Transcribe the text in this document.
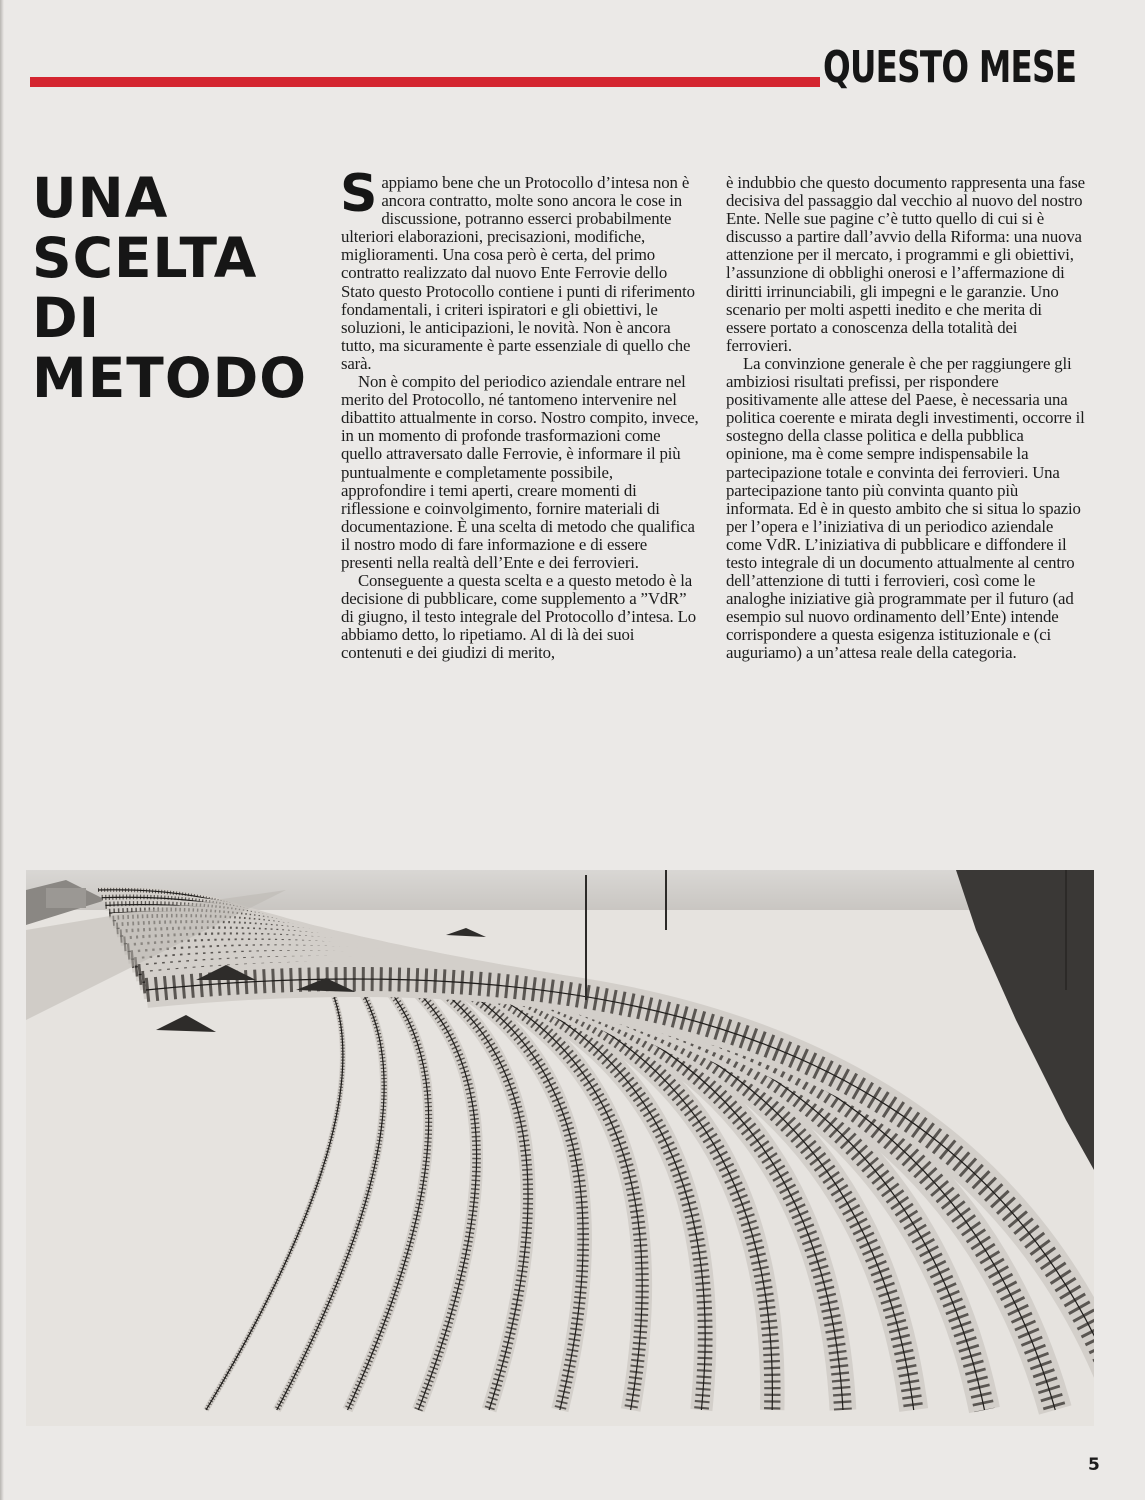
QUESTO MESE
UNA
SCELTA
DI
METODO

Sappiamo bene che un Protocollo d’intesa non è ancora contratto, molte sono ancora le cose in discussione, potranno esserci probabilmente ulteriori elaborazioni, precisazioni, modifiche, miglioramenti. Una cosa però è certa, del primo contratto realizzato dal nuovo Ente Ferrovie dello Stato questo Protocollo contiene i punti di riferimento fondamentali, i criteri ispiratori e gli obiettivi, le soluzioni, le anticipazioni, le novità. Non è ancora tutto, ma sicuramente è parte essenziale di quello che sarà.

Non è compito del periodico aziendale entrare nel merito del Protocollo, né tantomeno intervenire nel dibattito attualmente in corso. Nostro compito, invece, in un momento di profonde trasformazioni come quello attraversato dalle Ferrovie, è informare il più puntualmente e completamente possibile, approfondire i temi aperti, creare momenti di riflessione e coinvolgimento, fornire materiali di documentazione. È una scelta di metodo che qualifica il nostro modo di fare informazione e di essere presenti nella realtà dell’Ente e dei ferrovieri.

Conseguente a questa scelta e a questo metodo è la decisione di pubblicare, come supplemento a ”VdR” di giugno, il testo integrale del Protocollo d’intesa. Lo abbiamo detto, lo ripetiamo. Al di là dei suoi contenuti e dei giudizi di merito,

è indubbio che questo documento rappresenta una fase decisiva del passaggio dal vecchio al nuovo del nostro Ente. Nelle sue pagine c’è tutto quello di cui si è discusso a partire dall’avvio della Riforma: una nuova attenzione per il mercato, i programmi e gli obiettivi, l’assunzione di obblighi onerosi e l’affermazione di diritti irrinunciabili, gli impegni e le garanzie. Uno scenario per molti aspetti inedito e che merita di essere portato a conoscenza della totalità dei ferrovieri.

La convinzione generale è che per raggiungere gli ambiziosi risultati prefissi, per rispondere positivamente alle attese del Paese, è necessaria una politica coerente e mirata degli investimenti, occorre il sostegno della classe politica e della pubblica opinione, ma è come sempre indispensabile la partecipazione totale e convinta dei ferrovieri. Una partecipazione tanto più convinta quanto più informata. Ed è in questo ambito che si situa lo spazio per l’opera e l’iniziativa di un periodico aziendale come VdR. L’iniziativa di pubblicare e diffondere il testo integrale di un documento attualmente al centro dell’attenzione di tutti i ferrovieri, così come le analoghe iniziative già programmate per il futuro (ad esempio sul nuovo ordinamento dell’Ente) intende corrispondere a questa esigenza istituzionale e (ci auguriamo) a un’attesa reale della categoria.

5
